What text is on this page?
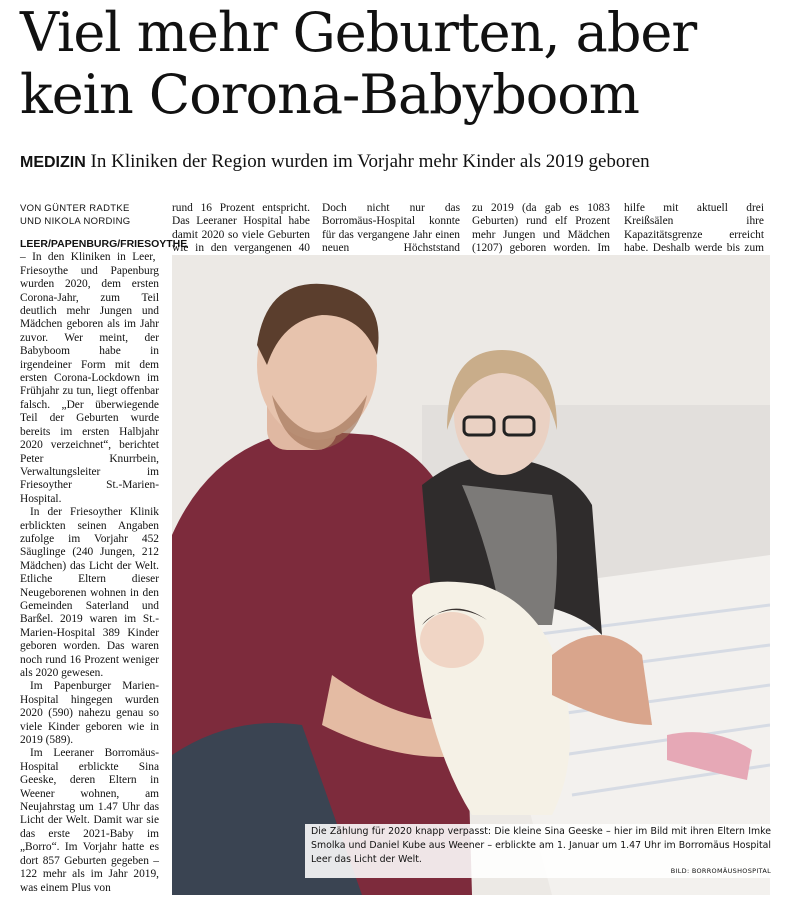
Viel mehr Geburten, aber
kein Corona-Babyboom
MEDIZIN In Kliniken der Region wurden im Vorjahr mehr Kinder als 2019 geboren
VON GÜNTER RADTKE
UND NIKOLA NORDING

LEER/PAPENBURG/FRIESOYTHE – In den Kliniken in Leer, Friesoythe und Papenburg wurden 2020, dem ersten Corona-Jahr, zum Teil deutlich mehr Jungen und Mädchen geboren als im Jahr zuvor. Wer meint, der Babyboom habe in irgendeiner Form mit dem ersten Corona-Lockdown im Frühjahr zu tun, liegt offenbar falsch. „Der überwiegende Teil der Geburten wurde bereits im ersten Halbjahr 2020 verzeichnet“, berichtet Peter Knurrbein, Verwaltungsleiter im Friesoyther St.-Marien-Hospital.

In der Friesoyther Klinik erblickten seinen Angaben zufolge im Vorjahr 452 Säuglinge (240 Jungen, 212 Mädchen) das Licht der Welt. Etliche Eltern dieser Neugeborenen wohnen in den Gemeinden Saterland und Barßel. 2019 waren im St.-Marien-Hospital 389 Kinder geboren worden. Das waren noch rund 16 Prozent weniger als 2020 gewesen.

Im Papenburger Marien-Hospital hingegen wurden 2020 (590) nahezu genau so viele Kinder geboren wie in 2019 (589).

Im Leeraner Borromäus-Hospital erblickte Sina Geeske, deren Eltern in Weener wohnen, am Neujahrstag um 1.47 Uhr das Licht der Welt. Damit war sie das erste 2021-Baby im „Borro“. Im Vorjahr hatte es dort 857 Geburten gegeben – 122 mehr als im Jahr 2019, was einem Plus von

rund 16 Prozent entspricht. Das Leeraner Hospital habe damit 2020 so viele Geburten wie in den vergangenen 40

Doch nicht nur das Borromäus-Hospital konnte für das vergangene Jahr einen neuen Höchststand

zu 2019 (da gab es 1083 Geburten) rund elf Prozent mehr Jungen und Mädchen (1207) geboren worden. Im

hilfe mit aktuell drei Kreißsälen ihre Kapazitätsgrenze erreicht habe. Deshalb werde bis zum

Die Zählung für 2020 knapp verpasst: Die kleine Sina Geeske – hier im Bild mit ihren Eltern Imke Smolka und Daniel Kube aus Weener – erblickte am 1. Januar um 1.47 Uhr im Borromäus Hospital Leer das Licht der Welt.
BILD: BORROMÄUSHOSPITAL
